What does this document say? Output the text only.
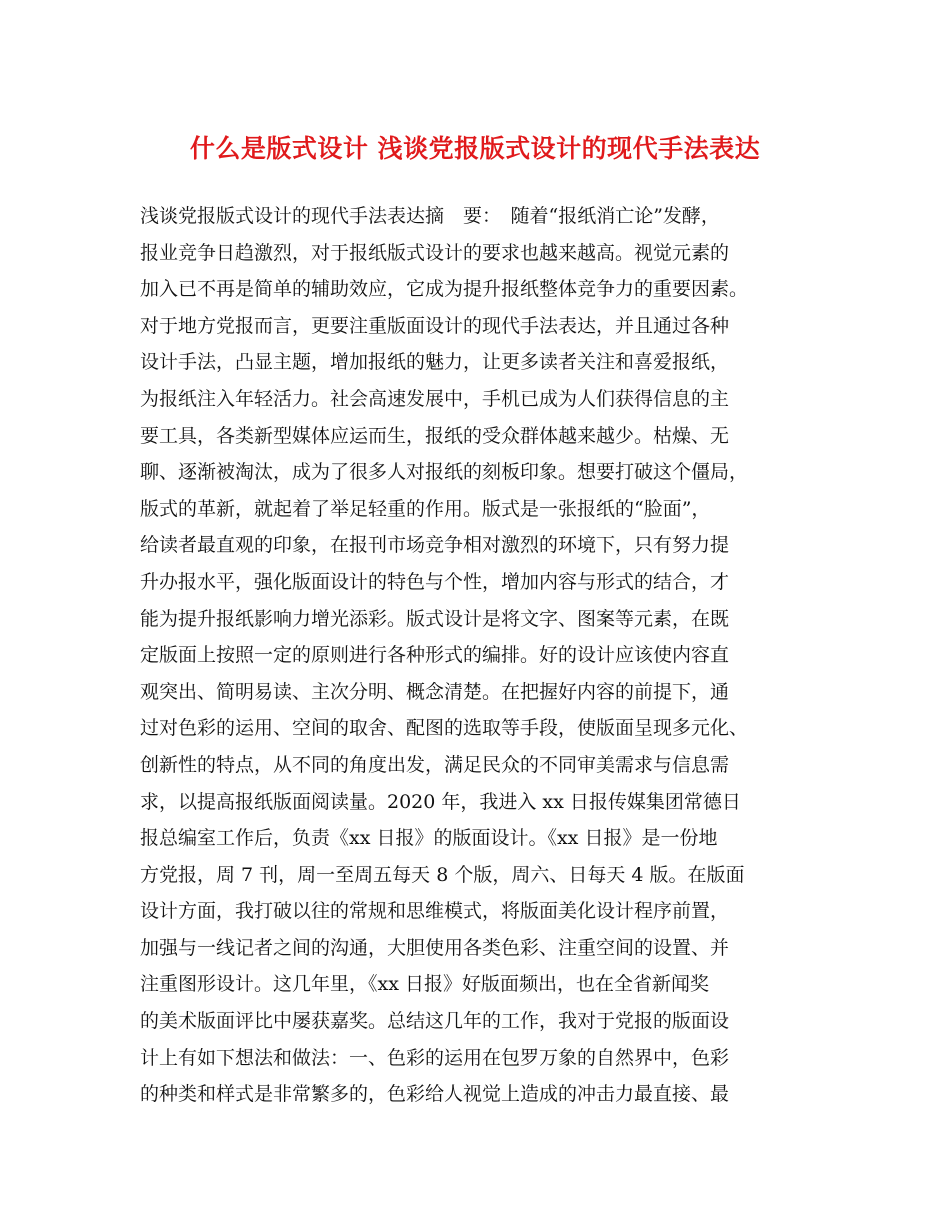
什么是版式设计 浅谈党报版式设计的现代手法表达
浅谈党报版式设计的现代手法表达摘　要：　随着“报纸消亡论”发酵，
报业竞争日趋激烈，对于报纸版式设计的要求也越来越高。视觉元素的
加入已不再是简单的辅助效应，它成为提升报纸整体竞争力的重要因素。
对于地方党报而言，更要注重版面设计的现代手法表达，并且通过各种
设计手法，凸显主题，增加报纸的魅力，让更多读者关注和喜爱报纸，
为报纸注入年轻活力。社会高速发展中，手机已成为人们获得信息的主
要工具，各类新型媒体应运而生，报纸的受众群体越来越少。枯燥、无
聊、逐渐被淘汰，成为了很多人对报纸的刻板印象。想要打破这个僵局，
版式的革新，就起着了举足轻重的作用。版式是一张报纸的“脸面”，
给读者最直观的印象，在报刊市场竞争相对激烈的环境下，只有努力提
升办报水平，强化版面设计的特色与个性，增加内容与形式的结合，才
能为提升报纸影响力增光添彩。版式设计是将文字、图案等元素，在既
定版面上按照一定的原则进行各种形式的编排。好的设计应该使内容直
观突出、简明易读、主次分明、概念清楚。在把握好内容的前提下，通
过对色彩的运用、空间的取舍、配图的选取等手段，使版面呈现多元化、
创新性的特点，从不同的角度出发，满足民众的不同审美需求与信息需
求，以提高报纸版面阅读量。2020 年，我进入 xx 日报传媒集团常德日
报总编室工作后，负责《xx 日报》的版面设计。《xx 日报》是一份地
方党报，周 7 刊，周一至周五每天 8 个版，周六、日每天 4 版。在版面
设计方面，我打破以往的常规和思维模式，将版面美化设计程序前置，
加强与一线记者之间的沟通，大胆使用各类色彩、注重空间的设置、并
注重图形设计。这几年里，《xx 日报》好版面频出，也在全省新闻奖
的美术版面评比中屡获嘉奖。总结这几年的工作，我对于党报的版面设
计上有如下想法和做法：一、色彩的运用在包罗万象的自然界中，色彩
的种类和样式是非常繁多的，色彩给人视觉上造成的冲击力最直接、最
